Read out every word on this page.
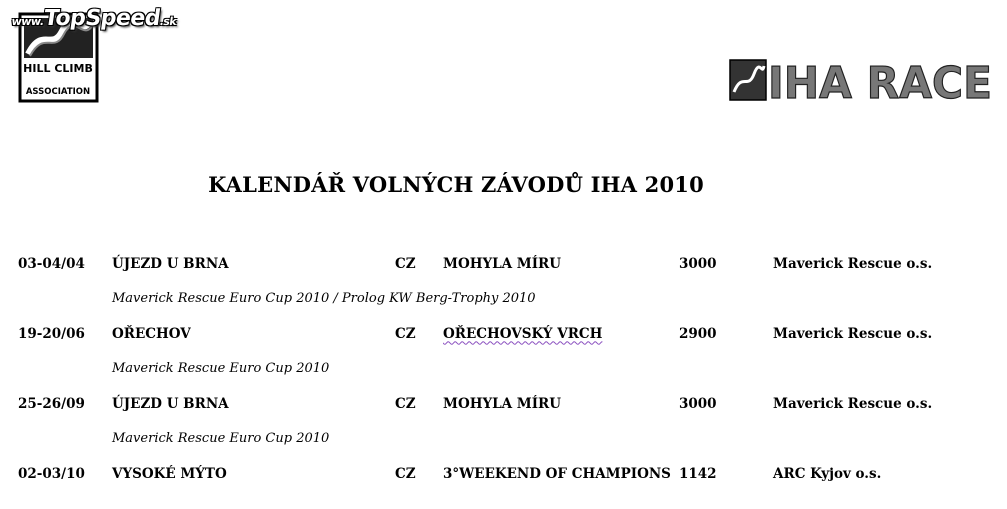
HILL CLIMB
ASSOCIATION
www.TopSpeed.sk
IHA RACE
KALENDÁŘ VOLNÝCH ZÁVODŮ IHA 2010
03-04/04	ÚJEZD U BRNA	CZ	MOHYLA MÍRU	3000	Maverick Rescue o.s.
	Maverick Rescue Euro Cup 2010 / Prolog KW Berg-Trophy 2010				
19-20/06	OŘECHOV	CZ	OŘECHOVSKÝ VRCH	2900	Maverick Rescue o.s.
	Maverick Rescue Euro Cup 2010				
25-26/09	ÚJEZD U BRNA	CZ	MOHYLA MÍRU	3000	Maverick Rescue o.s.
	Maverick Rescue Euro Cup 2010				
02-03/10	VYSOKÉ MÝTO	CZ	3°WEEKEND OF CHAMPIONS	1142	ARC Kyjov o.s.
